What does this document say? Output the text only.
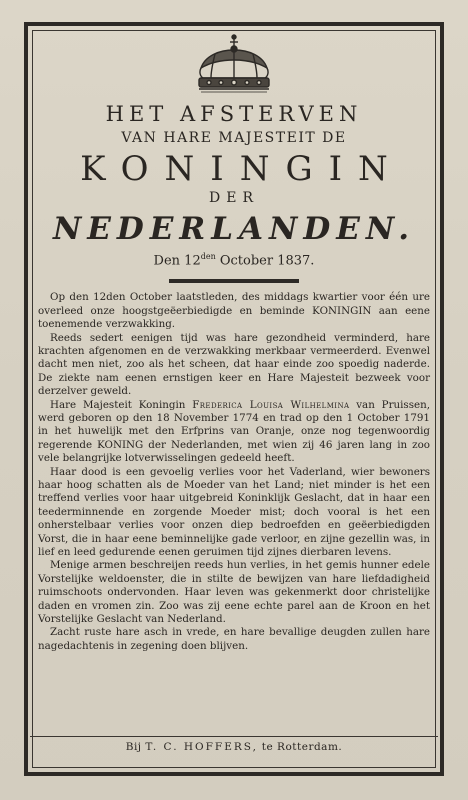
HET AFSTERVEN
VAN HARE MAJESTEIT DE
KONINGIN
DER
NEDERLANDEN.
Den $12^{den}$ October 1837.

Op den 12den October laatstleden, des middags kwartier voor één ure overleed onze hoogstgeëerbiedigde en beminde KONINGIN aan eene toenemende verzwakking.

Reeds sedert eenigen tijd was hare gezondheid verminderd, hare krachten afgenomen en de verzwakking merkbaar vermeerderd. Evenwel dacht men niet, zoo als het scheen, dat haar einde zoo spoedig naderde. De ziekte nam eenen ernstigen keer en Hare Majesteit bezweek voor derzelver geweld.

Hare Majesteit Koningin Frederica Louisa Wilhelmina van Pruissen, werd geboren op den 18 November 1774 en trad op den 1 October 1791 in het huwelijk met den Erfprins van Oranje, onze nog tegenwoordig regerende KONING der Nederlanden, met wien zij 46 jaren lang in zoo vele belangrijke lotverwisselingen gedeeld heeft.

Haar dood is een gevoelig verlies voor het Vaderland, wier bewoners haar hoog schatten als de Moeder van het Land; niet minder is het een treffend verlies voor haar uitgebreid Koninklijk Geslacht, dat in haar een teederminnende en zorgende Moeder mist; doch vooral is het een onherstelbaar verlies voor onzen diep bedroefden en geëerbiedigden Vorst, die in haar eene beminnelijke gade verloor, en zijne gezellin was, in lief en leed gedurende eenen geruimen tijd zijnes dierbaren levens.

Menige armen beschreijen reeds hun verlies, in het gemis hunner edele Vorstelijke weldoenster, die in stilte de bewijzen van hare liefdadigheid ruimschoots ondervonden. Haar leven was gekenmerkt door christelijke daden en vromen zin. Zoo was zij eene echte parel aan de Kroon en het Vorstelijke Geslacht van Nederland.

Zacht ruste hare asch in vrede, en hare bevallige deugden zullen hare nagedachtenis in zegening doen blijven.

Bij T. C. HOFFERS, te Rotterdam.
